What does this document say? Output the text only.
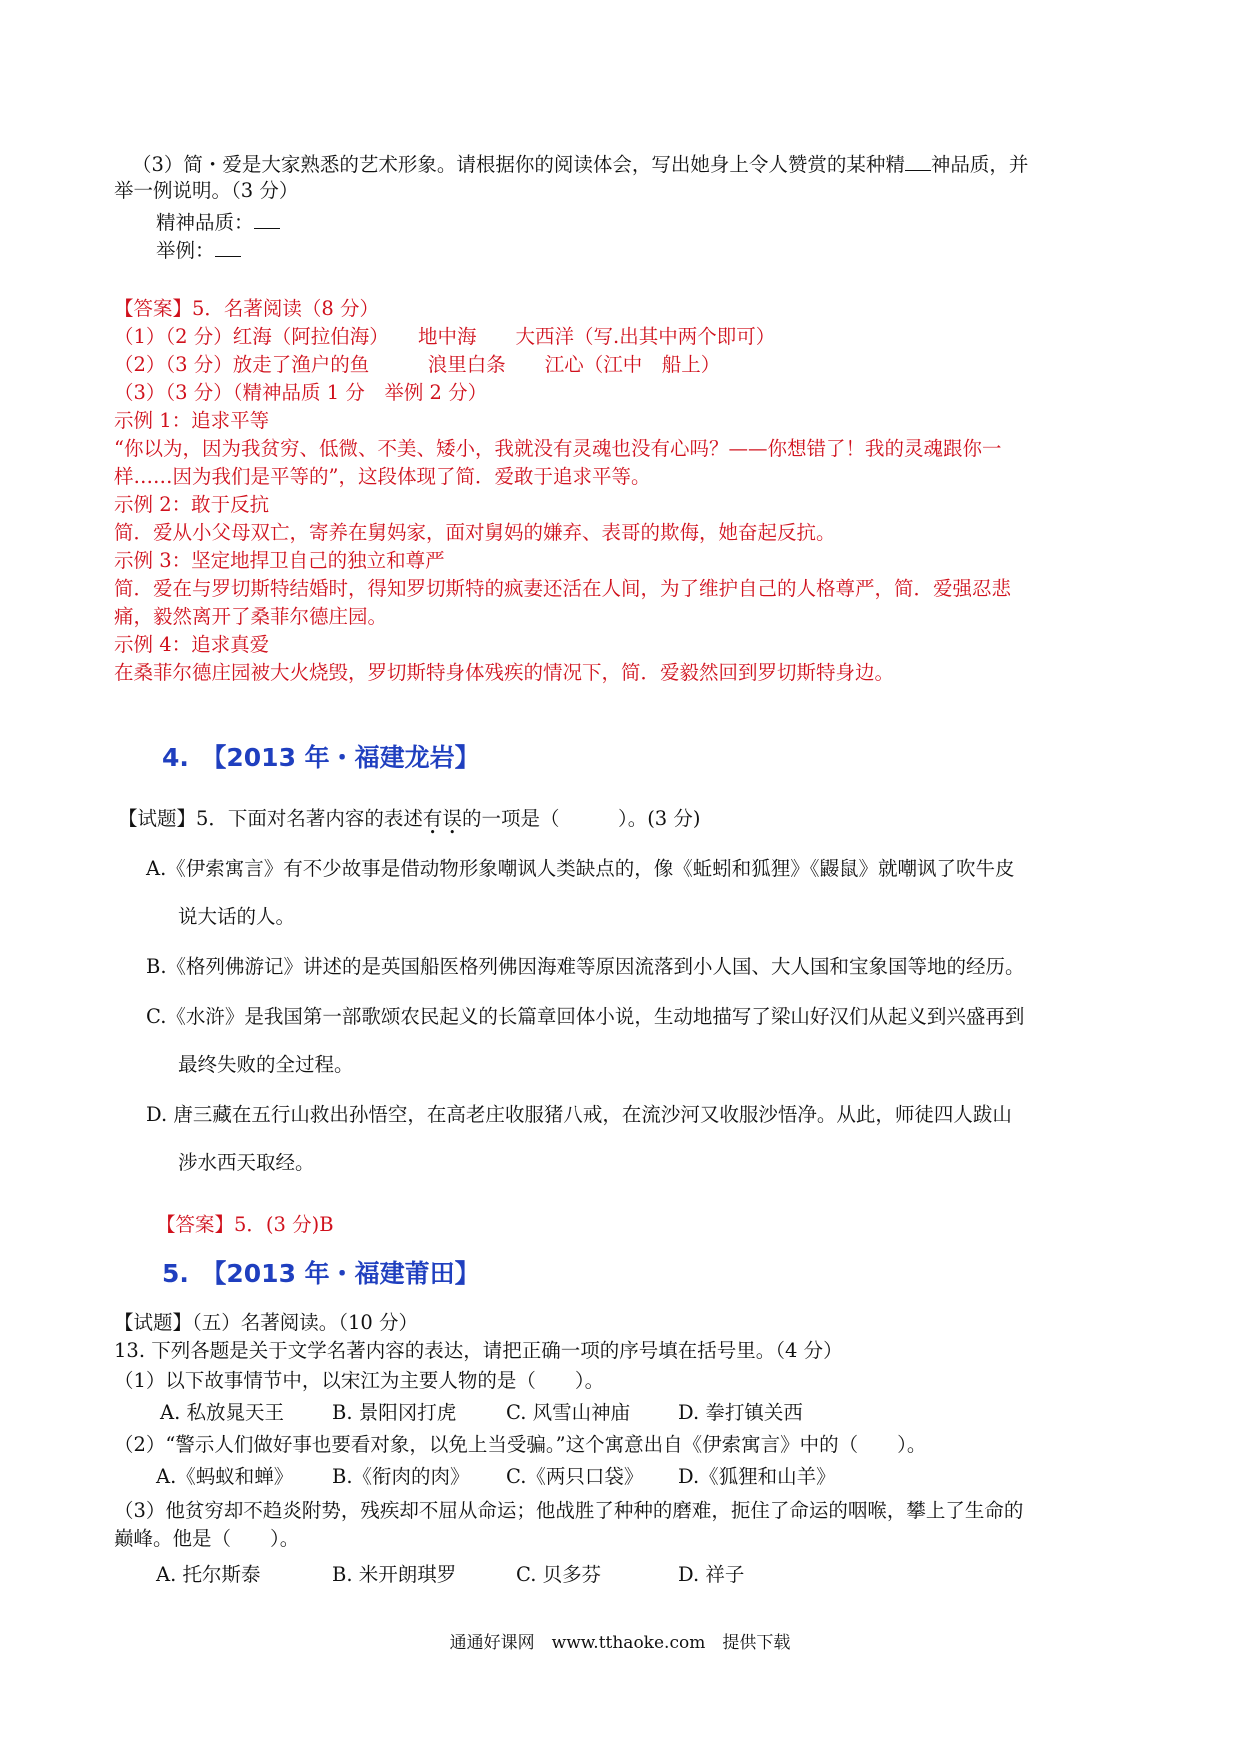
（3）简・爱是大家熟悉的艺术形象。请根据你的阅读体会，写出她身上令人赞赏的某种精 神品质，并
举一例说明。（3 分）
精神品质：
举例：
【答案】5．名著阅读（8 分）
（1）（2 分）红海（阿拉伯海）　　地中海　　大西洋（写.出其中两个即可）
（2）（3 分）放走了渔户的鱼　　　浪里白条　　江心（江中　船上）
（3）（3 分）（精神品质 1 分　举例 2 分）
示例 1：追求平等
“你以为，因为我贫穷、低微、不美、矮小，我就没有灵魂也没有心吗？——你想错了！我的灵魂跟你一
样……因为我们是平等的”，这段体现了简．爱敢于追求平等。
示例 2：敢于反抗
简．爱从小父母双亡，寄养在舅妈家，面对舅妈的嫌弃、表哥的欺侮，她奋起反抗。
示例 3：坚定地捍卫自己的独立和尊严
简．爱在与罗切斯特结婚时，得知罗切斯特的疯妻还活在人间，为了维护自己的人格尊严，简．爱强忍悲
痛，毅然离开了桑菲尔德庄园。
示例 4：追求真爱
在桑菲尔德庄园被大火烧毁，罗切斯特身体残疾的情况下，简．爱毅然回到罗切斯特身边。
4.　【2013 年・福建龙岩】
【试题】5．下面对名著内容的表述有误的一项是（　　　）。(3 分)
A.《伊索寓言》有不少故事是借动物形象嘲讽人类缺点的，像《蚯蚓和狐狸》《鼹鼠》就嘲讽了吹牛皮
说大话的人。
B.《格列佛游记》讲述的是英国船医格列佛因海难等原因流落到小人国、大人国和宝象国等地的经历。
C.《水浒》是我国第一部歌颂农民起义的长篇章回体小说，生动地描写了梁山好汉们从起义到兴盛再到
最终失败的全过程。
D. 唐三藏在五行山救出孙悟空，在高老庄收服猪八戒，在流沙河又收服沙悟净。从此，师徒四人跋山
涉水西天取经。
【答案】5．(3 分)B
5.　【2013 年・福建莆田】
【试题】（五）名著阅读。（10 分）
13. 下列各题是关于文学名著内容的表达，请把正确一项的序号填在括号里。（4 分）
（1）以下故事情节中，以宋江为主要人物的是（　　）。
A. 私放晁天王 B. 景阳冈打虎	C. 风雪山神庙 D. 拳打镇关西
（2）“警示人们做好事也要看对象，以免上当受骗。”这个寓意出自《伊索寓言》中的（　　）。
A.《蚂蚁和蝉》 B.《衔肉的肉》 C.《两只口袋》 D.《狐狸和山羊》
（3）他贫穷却不趋炎附势，残疾却不屈从命运；他战胜了种种的磨难，扼住了命运的咽喉，攀上了生命的
巅峰。他是（　　）。
A. 托尔斯泰	B. 米开朗琪罗	C. 贝多芬	D. 祥子
通通好课网　www.tthaoke.com　提供下载
